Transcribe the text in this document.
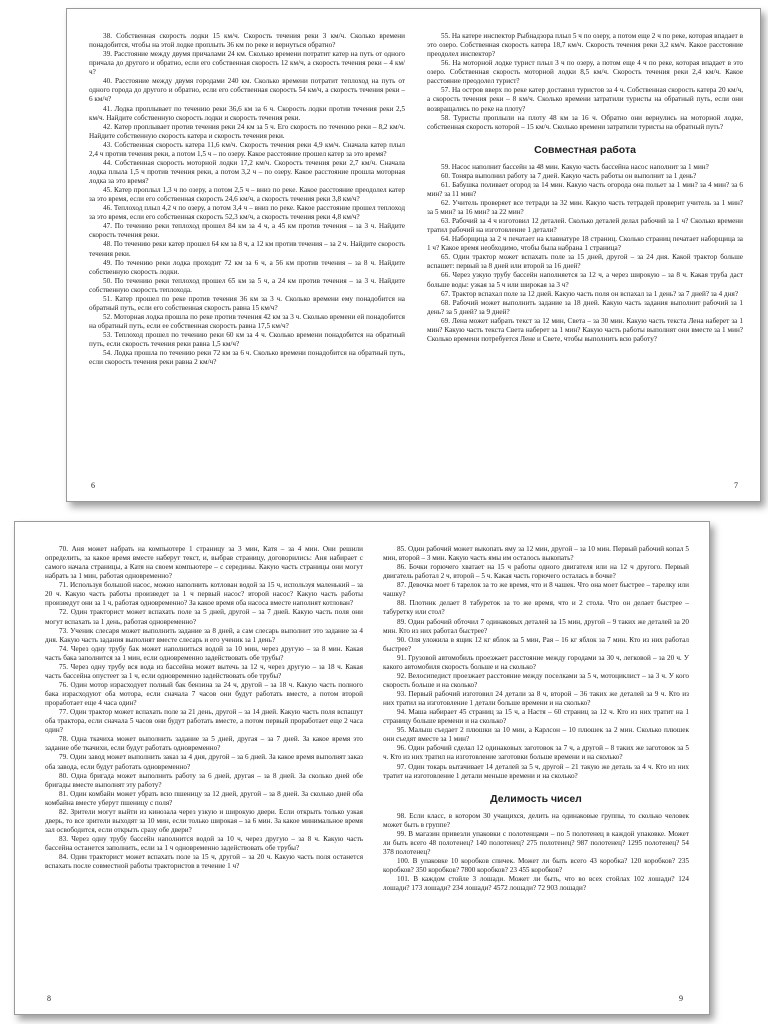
38. Собственная скорость лодки 15 км/ч. Скорость течения реки 3 км/ч. Сколько времени понадобится, чтобы на этой лодке проплыть 36 км по реке и вернуться обратно?

39. Расстояние между двумя причалами 24 км. Сколько времени потратит катер на путь от одного причала до другого и обратно, если его собственная скорость 12 км/ч, а скорость течения реки – 4 км/ч?

40. Расстояние между двумя городами 240 км. Сколько времени потратит теплоход на путь от одного города до другого и обратно, если его собственная скорость 54 км/ч, а скорость течения реки – 6 км/ч?

41. Лодка проплывает по течению реки 36,6 км за 6 ч. Скорость лодки против течения реки 2,5 км/ч. Найдите собственную скорость лодки и скорость течения реки.

42. Катер проплывает против течения реки 24 км за 5 ч. Его скорость по течению реки – 8,2 км/ч. Найдите собственную скорость катера и скорость течения реки.

43. Собственная скорость катера 11,6 км/ч. Скорость течения реки 4,9 км/ч. Сначала катер плыл 2,4 ч против течения реки, а потом 1,5 ч – по озеру. Какое расстояние прошел катер за это время?

44. Собственная скорость моторной лодки 17,2 км/ч. Скорость течения реки 2,7 км/ч. Сначала лодка плыла 1,5 ч против течения реки, а потом 3,2 ч – по озеру. Какое расстояние прошла моторная лодка за это время?

45. Катер проплыл 1,3 ч по озеру, а потом 2,5 ч – вниз по реке. Какое расстояние преодолел катер за это время, если его собственная скорость 24,6 км/ч, а скорость течения реки 3,8 км/ч?

46. Теплоход плыл 4,2 ч по озеру, а потом 3,4 ч – вниз по реке. Какое расстояние прошел теплоход за это время, если его собственная скорость 52,3 км/ч, а скорость течения реки 4,8 км/ч?

47. По течению реки теплоход прошел 84 км за 4 ч, а 45 км против течения – за 3 ч. Найдите скорость течения реки.

48. По течению реки катер прошел 64 км за 8 ч, а 12 км против течения – за 2 ч. Найдите скорость течения реки.

49. По течению реки лодка проходит 72 км за 6 ч, а 56 км против течения – за 8 ч. Найдите собственную скорость лодки.

50. По течению реки теплоход прошел 65 км за 5 ч, а 24 км против течения – за 3 ч. Найдите собственную скорость теплохода.

51. Катер прошел по реке против течения 36 км за 3 ч. Сколько времени ему понадобится на обратный путь, если его собственная скорость равна 15 км/ч?

52. Моторная лодка прошла по реке против течения 42 км за 3 ч. Сколько времени ей понадобится на обратный путь, если ее собственная скорость равна 17,5 км/ч?

53. Теплоход прошел по течению реки 60 км за 4 ч. Сколько времени понадобится на обратный путь, если скорость течения реки равна 1,5 км/ч?

54. Лодка прошла по течению реки 72 км за 6 ч. Сколько времени понадобится на обратный путь, если скорость течения реки равна 2 км/ч?

55. На катере инспектор Рыбнадзора плыл 5 ч по озеру, а потом еще 2 ч по реке, которая впадает в это озеро. Собственная скорость катера 18,7 км/ч. Скорость течения реки 3,2 км/ч. Какое расстояние преодолел инспектор?

56. На моторной лодке турист плыл 3 ч по озеру, а потом еще 4 ч по реке, которая впадает в это озеро. Собственная скорость моторной лодки 8,5 км/ч. Скорость течения реки 2,4 км/ч. Какое расстояние преодолел турист?

57. На остров вверх по реке катер доставил туристов за 4 ч. Собственная скорость катера 20 км/ч, а скорость течения реки – 8 км/ч. Сколько времени затратили туристы на обратный путь, если они возвращались по реке на плоту?

58. Туристы проплыли на плоту 48 км за 16 ч. Обратно они вернулись на моторной лодке, собственная скорость которой – 15 км/ч. Сколько времени затратили туристы на обратный путь?

Совместная работа

59. Насос наполнит бассейн за 48 мин. Какую часть бассейна насос наполнит за 1 мин?

60. Тоняра выполнил работу за 7 дней. Какую часть работы он выполнит за 1 день?

61. Бабушка поливает огород за 14 мин. Какую часть огорода она польет за 1 мин? за 4 мин? за 6 мин? за 11 мин?

62. Учитель проверяет все тетради за 32 мин. Какую часть тетрадей проверит учитель за 1 мин? за 5 мин? за 16 мин? за 22 мин?

63. Рабочий за 4 ч изготовил 12 деталей. Сколько деталей делал рабочий за 1 ч? Сколько времени тратил рабочий на изготовление 1 детали?

64. Наборщица за 2 ч печатает на клавиатуре 18 страниц. Сколько страниц печатает наборщица за 1 ч? Какое время необходимо, чтобы была набрана 1 страница?

65. Один трактор может вспахать поле за 15 дней, другой – за 24 дня. Какой трактор больше вспашет: первый за 8 дней или второй за 16 дней?

66. Через узкую трубу бассейн наполняется за 12 ч, а через широкую – за 8 ч. Какая труба даст больше воды: узкая за 5 ч или широкая за 3 ч?

67. Трактор вспахал поле за 12 дней. Какую часть поля он вспахал за 1 день? за 7 дней? за 4 дня?

68. Рабочий может выполнить задание за 18 дней. Какую часть задания выполнит рабочий за 1 день? за 5 дней? за 9 дней?

69. Лена может набрать текст за 12 мин, Света – за 30 мин. Какую часть текста Лена наберет за 1 мин? Какую часть текста Света наберет за 1 мин? Какую часть работы выполнят они вместе за 1 мин? Сколько времени потребуется Лене и Свете, чтобы выполнить всю работу?

6	7

70. Аня может набрать на компьютере 1 страницу за 3 мин, Катя – за 4 мин. Они решили определить, за какое время вместе наберут текст, и, выбрав страницу, договорились: Аня набирает с самого начала страницы, а Катя на своем компьютере – с середины. Какую часть страницы они могут набрать за 1 мин, работая одновременно?

71. Используя большой насос, можно наполнить котлован водой за 15 ч, используя маленький – за 20 ч. Какую часть работы произведет за 1 ч первый насос? второй насос? Какую часть работы произведут они за 1 ч, работая одновременно? За какое время оба насоса вместе наполнят котлован?

72. Один тракторист может вспахать поле за 5 дней, другой – за 7 дней. Какую часть поля они могут вспахать за 1 день, работая одновременно?

73. Ученик слесаря может выполнить задание за 8 дней, а сам слесарь выполнит это задание за 4 дня. Какую часть задания выполнят вместе слесарь и его ученик за 1 день?

74. Через одну трубу бак может наполниться водой за 10 мин, через другую – за 8 мин. Какая часть бака заполнится за 1 мин, если одновременно задействовать обе трубы?

75. Через одну трубу вся вода из бассейна может вытечь за 12 ч, через другую – за 18 ч. Какая часть бассейна опустеет за 1 ч, если одновременно задействовать обе трубы?

76. Один мотор израсходует полный бак бензина за 24 ч, другой – за 18 ч. Какую часть полного бака израсходуют оба мотора, если сначала 7 часов они будут работать вместе, а потом второй проработает еще 4 часа один?

77. Один трактор может вспахать поле за 21 день, другой – за 14 дней. Какую часть поля вспашут оба трактора, если сначала 5 часов они будут работать вместе, а потом первый проработает еще 2 часа один?

78. Одна ткачиха может выполнить задание за 5 дней, другая – за 7 дней. За какое время это задание обе ткачихи, если будут работать одновременно?

79. Один завод может выполнить заказ за 4 дня, другой – за 6 дней. За какое время выполнят заказ оба завода, если будут работать одновременно?

80. Одна бригада может выполнить работу за 6 дней, другая – за 8 дней. За сколько дней обе бригады вместе выполнят эту работу?

81. Один комбайн может убрать всю пшеницу за 12 дней, другой – за 8 дней. За сколько дней оба комбайна вместе уберут пшеницу с поля?

82. Зрители могут выйти из кинозала через узкую и широкую двери. Если открыть только узкая дверь, то все зрители выходят за 10 мин, если только широкая – за 6 мин. За какое минимальное время зал освободится, если открыть сразу обе двери?

83. Через одну трубу бассейн наполнится водой за 10 ч, через другую – за 8 ч. Какую часть бассейна останется заполнить, если за 1 ч одновременно задействовать обе трубы?

84. Один тракторист может вспахать поле за 15 ч, другой – за 20 ч. Какую часть поля останется вспахать после совместной работы трактористов в течение 1 ч?

85. Один рабочий может выкопать яму за 12 мин, другой – за 10 мин. Первый рабочий копал 5 мин, второй – 3 мин. Какую часть ямы им осталось выкопать?

86. Бочки горючего хватает на 15 ч работы одного двигателя или на 12 ч другого. Первый двигатель работал 2 ч, второй – 5 ч. Какая часть горючего осталась в бочке?

87. Девочка моет 6 тарелок за то же время, что и 8 чашек. Что она моет быстрее – тарелку или чашку?

88. Плотник делает 8 табуреток за то же время, что и 2 стола. Что он делает быстрее – табуретку или стол?

89. Один рабочий обточил 7 одинаковых деталей за 15 мин, другой – 9 таких же деталей за 20 мин. Кто из них работал быстрее?

90. Оля уложила в ящик 12 кг яблок за 5 мин, Рая – 16 кг яблок за 7 мин. Кто из них работал быстрее?

91. Грузовой автомобиль проезжает расстояние между городами за 30 ч, легковой – за 20 ч. У какого автомобиля скорость больше и на сколько?

92. Велосипедист проезжает расстояние между поселками за 5 ч, мотоциклист – за 3 ч. У кого скорость больше и на сколько?

93. Первый рабочий изготовил 24 детали за 8 ч, второй – 36 таких же деталей за 9 ч. Кто из них тратил на изготовление 1 детали больше времени и на сколько?

94. Маша набирает 45 страниц за 15 ч, а Настя – 60 страниц за 12 ч. Кто из них тратит на 1 страницу больше времени и на сколько?

95. Малыш съедает 2 плюшки за 10 мин, а Карлсон – 10 плюшек за 2 мин. Сколько плюшек они съедят вместе за 1 мин?

96. Один рабочий сделал 12 одинаковых заготовок за 7 ч, а другой – 8 таких же заготовок за 5 ч. Кто из них тратил на изготовление заготовки больше времени и на сколько?

97. Один токарь вытачивает 14 деталей за 5 ч, другой – 21 такую же деталь за 4 ч. Кто из них тратит на изготовление 1 детали меньше времени и на сколько?

Делимость чисел

98. Если класс, в котором 30 учащихся, делить на одинаковые группы, то сколько человек может быть в группе?

99. В магазин привезли упаковки с полотенцами – по 5 полотенец в каждой упаковке. Может ли быть всего 48 полотенец? 140 полотенец? 275 полотенец? 987 полотенец? 1295 полотенец? 54 378 полотенец?

100. В упаковке 10 коробков спичек. Может ли быть всего 43 коробка? 120 коробков? 235 коробков? 350 коробков? 7800 коробков? 23 455 коробков?

101. В каждом стойле 3 лошади. Может ли быть, что во всех стойлах 102 лошади? 124 лошади? 173 лошади? 234 лошади? 4572 лошади? 72 903 лошади?

8	9
